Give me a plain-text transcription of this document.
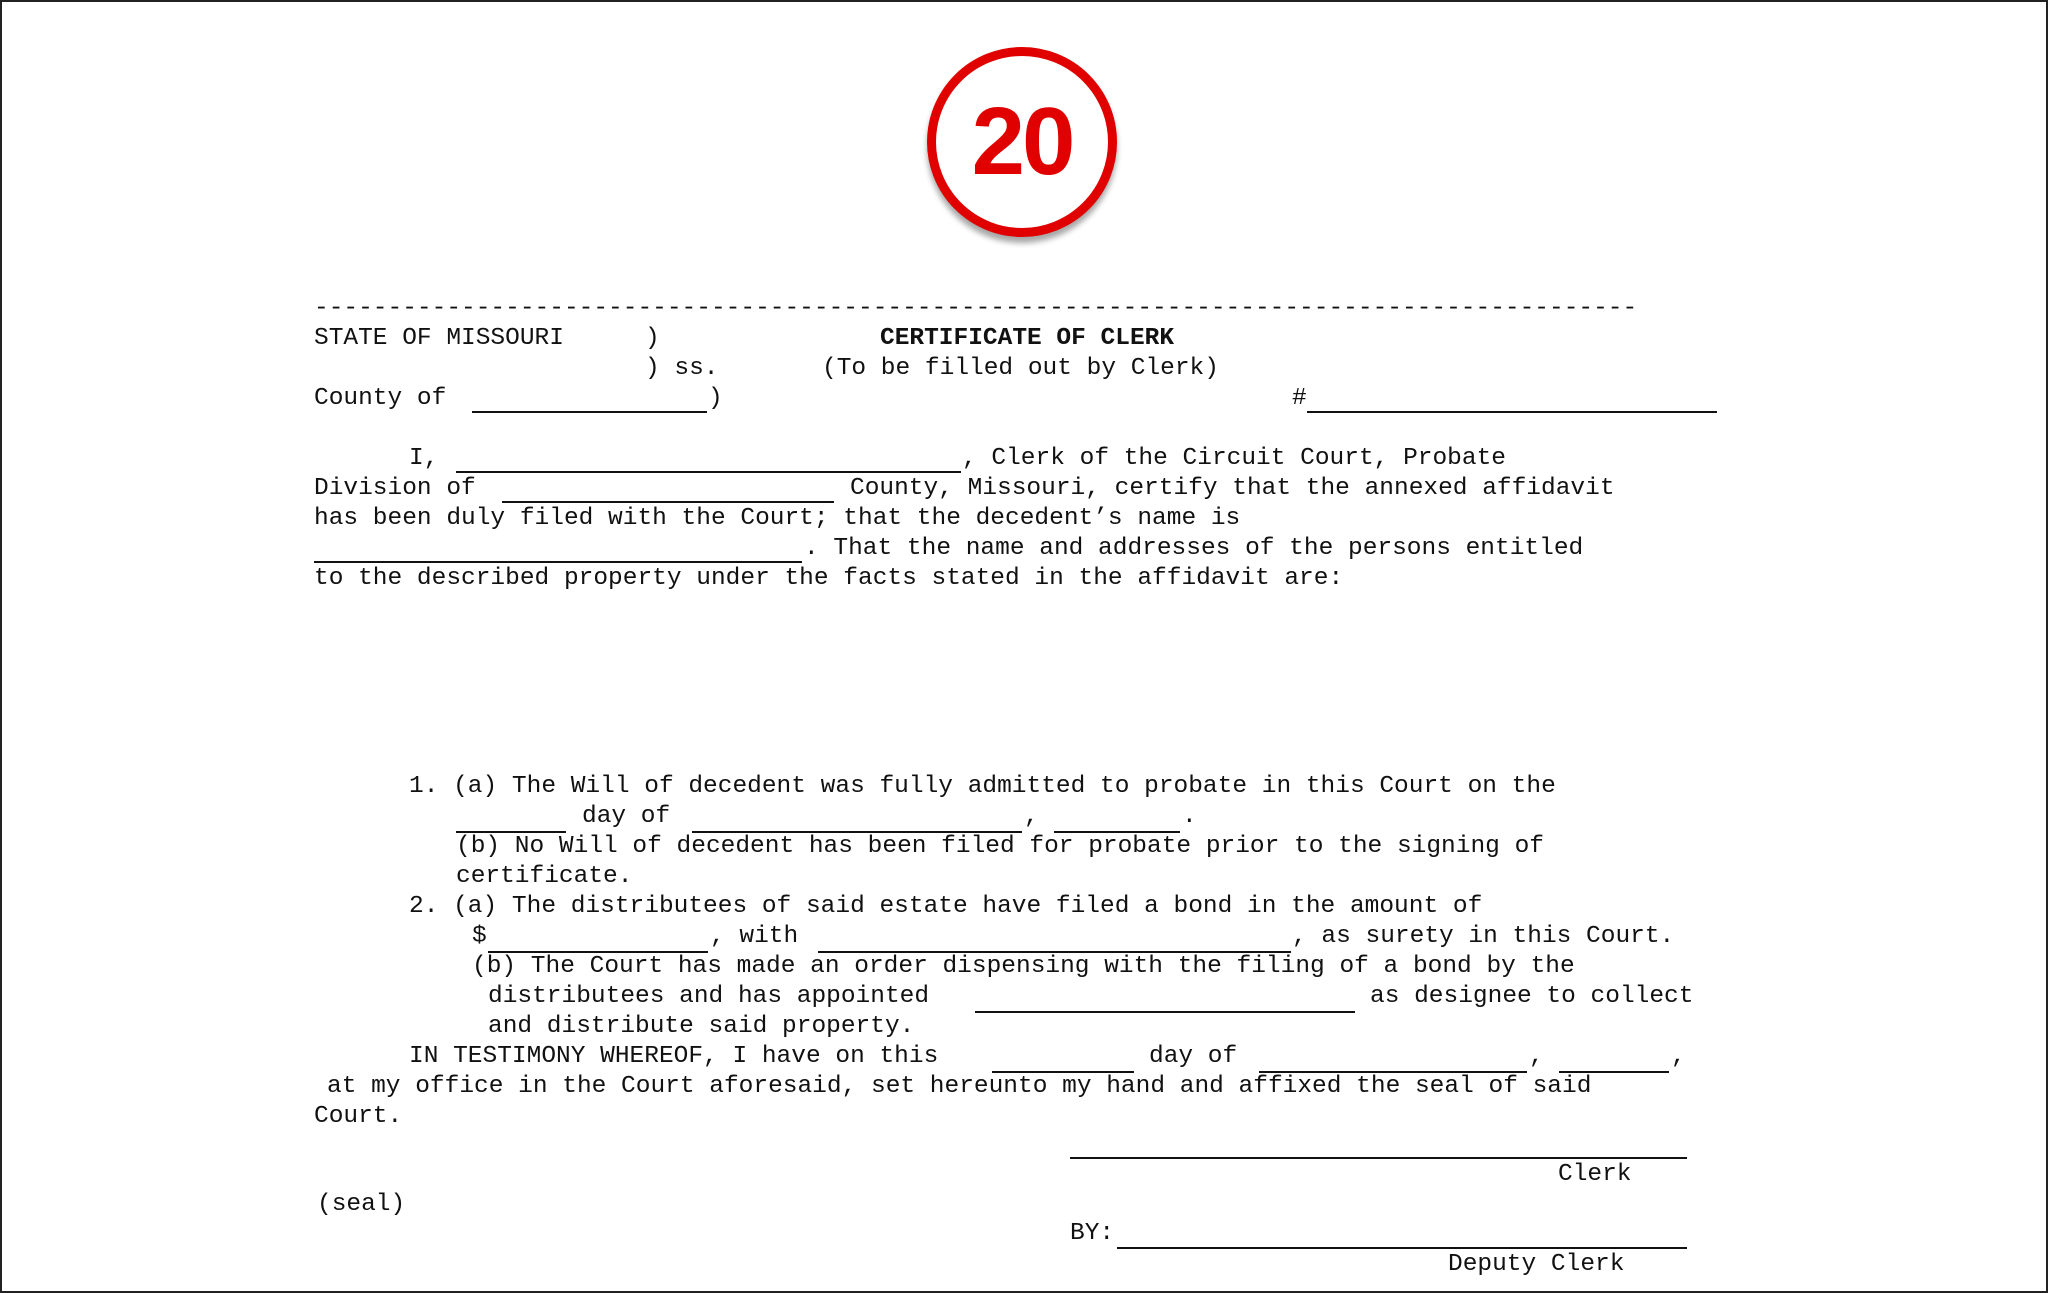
20
------------------------------------------------------------------------------------------
STATE OF MISSOURI	)	CERTIFICATE OF CLERK
) ss.	(To be filled out by Clerk)
County of	)	#
I,	, Clerk of the Circuit Court, Probate
Division of	County, Missouri, certify that the annexed affidavit
has been duly filed with the Court; that the decedent’s name is
. That the name and addresses of the persons entitled
to the described property under the facts stated in the affidavit are:
1. (a) The Will of decedent was fully admitted to probate in this Court on the
day of	,	.
(b) No Will of decedent has been filed for probate prior to the signing of
certificate.
2. (a) The distributees of said estate have filed a bond in the amount of
$	, with	, as surety in this Court.
(b) The Court has made an order dispensing with the filing of a bond by the
distributees and has appointed	as designee to collect
and distribute said property.
IN TESTIMONY WHEREOF, I have on this	day of	,	,
at my office in the Court aforesaid, set hereunto my hand and affixed the seal of said
Court.
Clerk
(seal)
BY:
Deputy Clerk
